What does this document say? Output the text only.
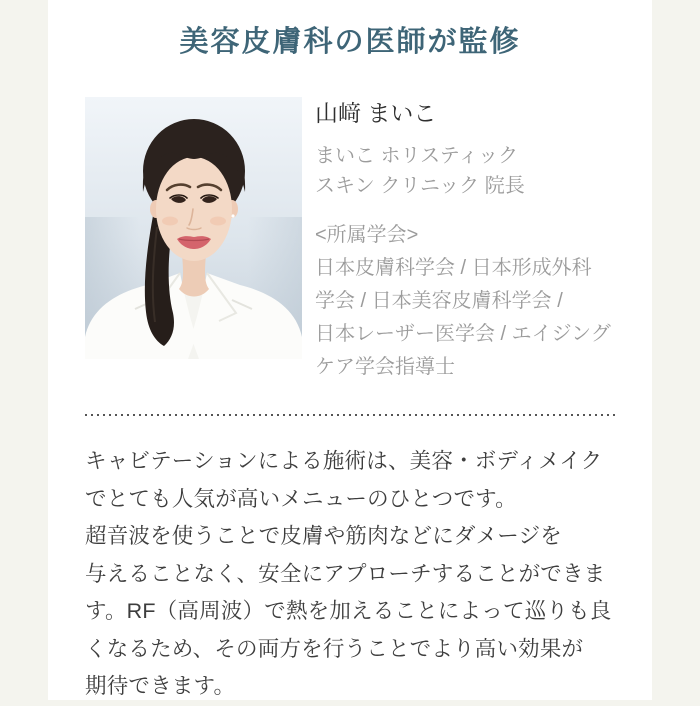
美容皮膚科の医師が監修
山﨑 まいこ
まいこ ホリスティック
スキン クリニック 院長
<所属学会>
日本皮膚科学会 / 日本形成外科
学会 / 日本美容皮膚科学会 /
日本レーザー医学会 / エイジング
ケア学会指導士
キャビテーションによる施術は、美容・ボディメイク
でとても人気が高いメニューのひとつです。
超音波を使うことで皮膚や筋肉などにダメージを
与えることなく、安全にアプローチすることができま
す。RF（高周波）で熱を加えることによって巡りも良
くなるため、その両方を行うことでより高い効果が
期待できます。
